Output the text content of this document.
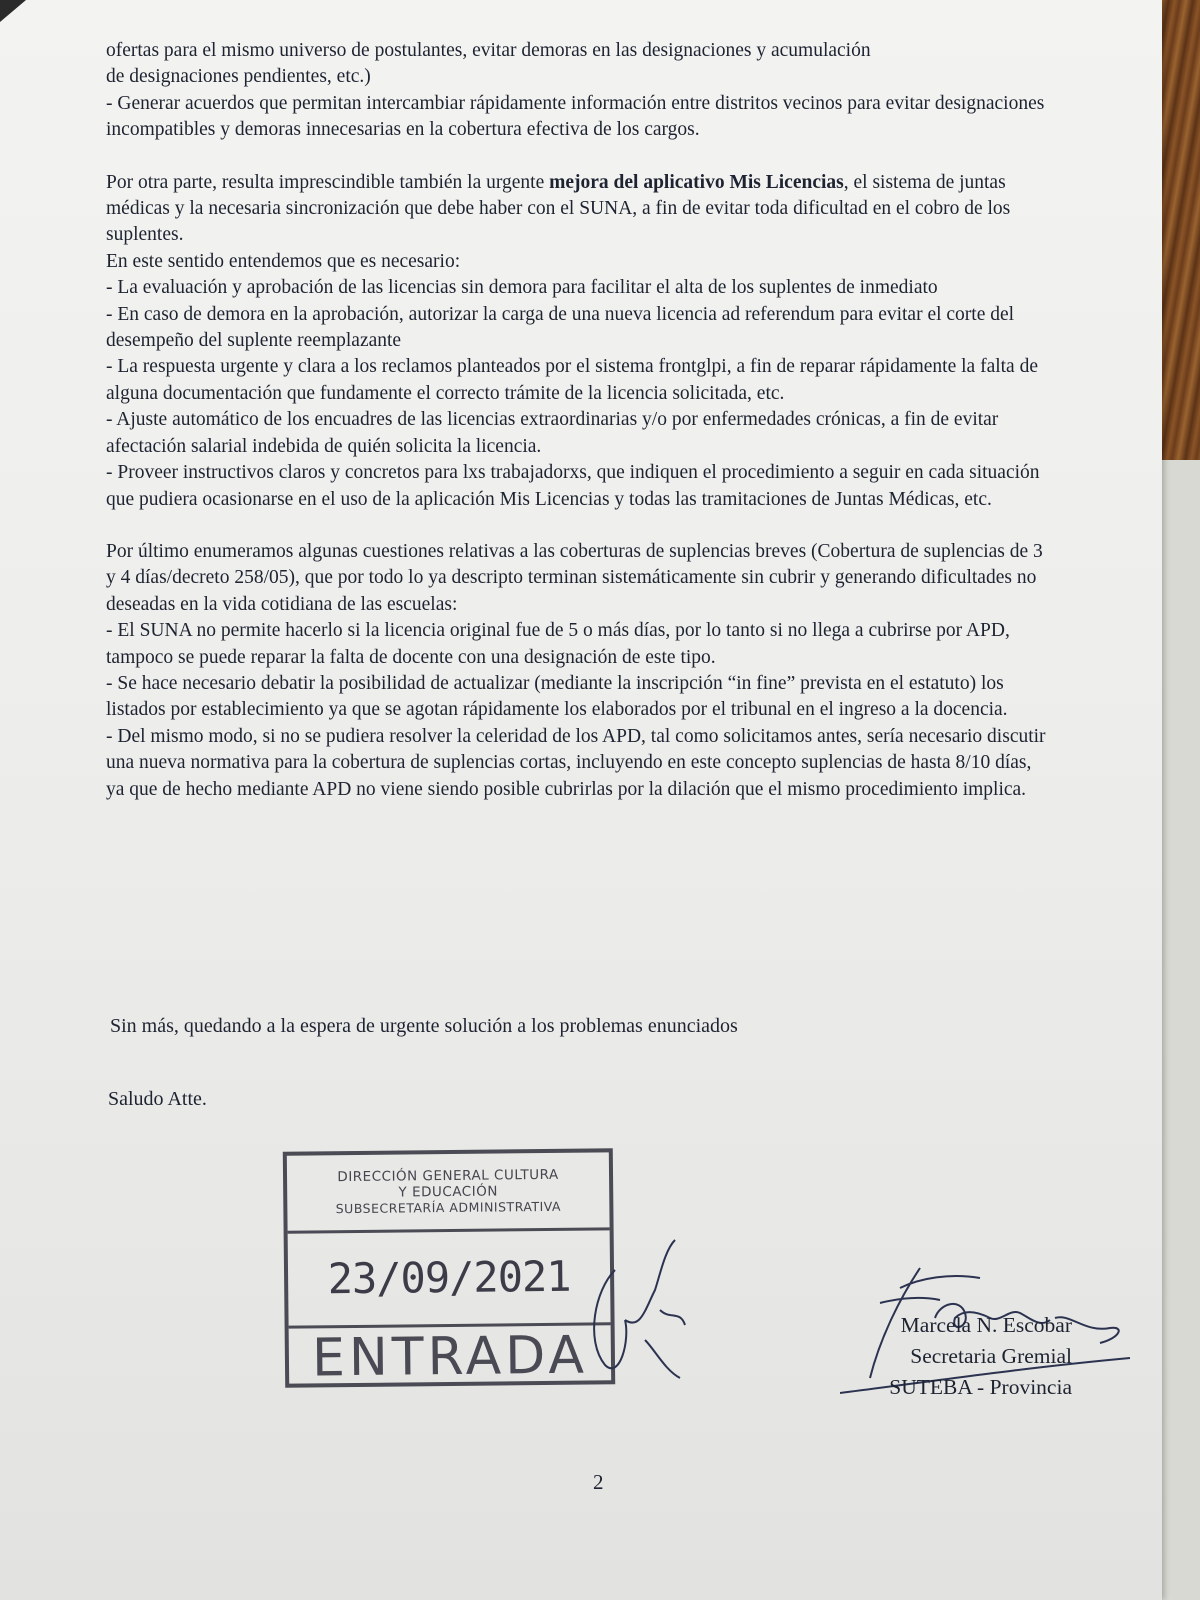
ofertas para el mismo universo de postulantes, evitar demoras en las designaciones y acumulación

de designaciones pendientes, etc.)

- Generar acuerdos que permitan intercambiar rápidamente información entre distritos vecinos para evitar designaciones incompatibles y demoras innecesarias en la cobertura efectiva de los cargos.

Por otra parte, resulta imprescindible también la urgente mejora del aplicativo Mis Licencias, el sistema de juntas médicas y la necesaria sincronización que debe haber con el SUNA, a fin de evitar toda dificultad en el cobro de los suplentes.

En este sentido entendemos que es necesario:

- La evaluación y aprobación de las licencias sin demora para facilitar el alta de los suplentes de inmediato

- En caso de demora en la aprobación, autorizar la carga de una nueva licencia ad referendum para evitar el corte del desempeño del suplente reemplazante

- La respuesta urgente y clara a los reclamos planteados por el sistema frontglpi, a fin de reparar rápidamente la falta de alguna documentación que fundamente el correcto trámite de la licencia solicitada, etc.

- Ajuste automático de los encuadres de las licencias extraordinarias y/o por enfermedades crónicas, a fin de evitar afectación salarial indebida de quién solicita la licencia.

- Proveer instructivos claros y concretos para lxs trabajadorxs, que indiquen el procedimiento a seguir en cada situación que pudiera ocasionarse en el uso de la aplicación Mis Licencias y todas las tramitaciones de Juntas Médicas, etc.

Por último enumeramos algunas cuestiones relativas a las coberturas de suplencias breves (Cobertura de suplencias de 3 y 4 días/decreto 258/05), que por todo lo ya descripto terminan sistemáticamente sin cubrir y generando dificultades no deseadas en la vida cotidiana de las escuelas:

- El SUNA no permite hacerlo si la licencia original fue de 5 o más días, por lo tanto si no llega a cubrirse por APD, tampoco se puede reparar la falta de docente con una designación de este tipo.

- Se hace necesario debatir la posibilidad de actualizar (mediante la inscripción “in fine” prevista en el estatuto) los listados por establecimiento ya que se agotan rápidamente los elaborados por el tribunal en el ingreso a la docencia.

- Del mismo modo, si no se pudiera resolver la celeridad de los APD, tal como solicitamos antes, sería necesario discutir una nueva normativa para la cobertura de suplencias cortas, incluyendo en este concepto suplencias de hasta 8/10 días, ya que de hecho mediante APD no viene siendo posible cubrirlas por la dilación que el mismo procedimiento implica.

Sin más, quedando a la espera de urgente solución a los problemas enunciados
Saludo Atte.
DIRECCIÓN GENERAL CULTURA
Y EDUCACIÓN
SUBSECRETARÍA ADMINISTRATIVA
23/09/2021
ENTRADA
Marcela N. Escobar
Secretaria Gremial
SUTEBA - Provincia
2
